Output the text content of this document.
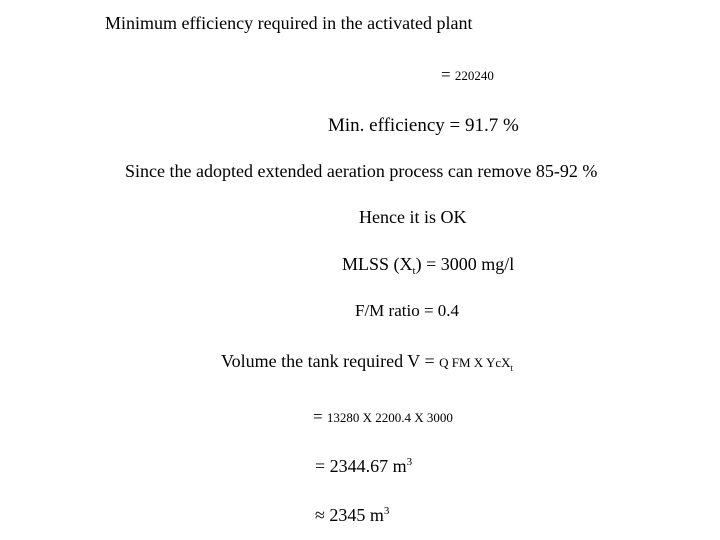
Minimum efficiency required in the activated plant
= 220240
Min. efficiency = 91.7 %
Since the adopted extended aeration process can remove 85-92 %
Hence it is OK
MLSS $(X_t) = 3000$ mg/l
F/M ratio = 0.4
Volume the tank required V = Q FM X YcX$_t$
= 13280 X 2200.4 X 3000
= 2344.67 $m^3$
≈ 2345 $m^3$
